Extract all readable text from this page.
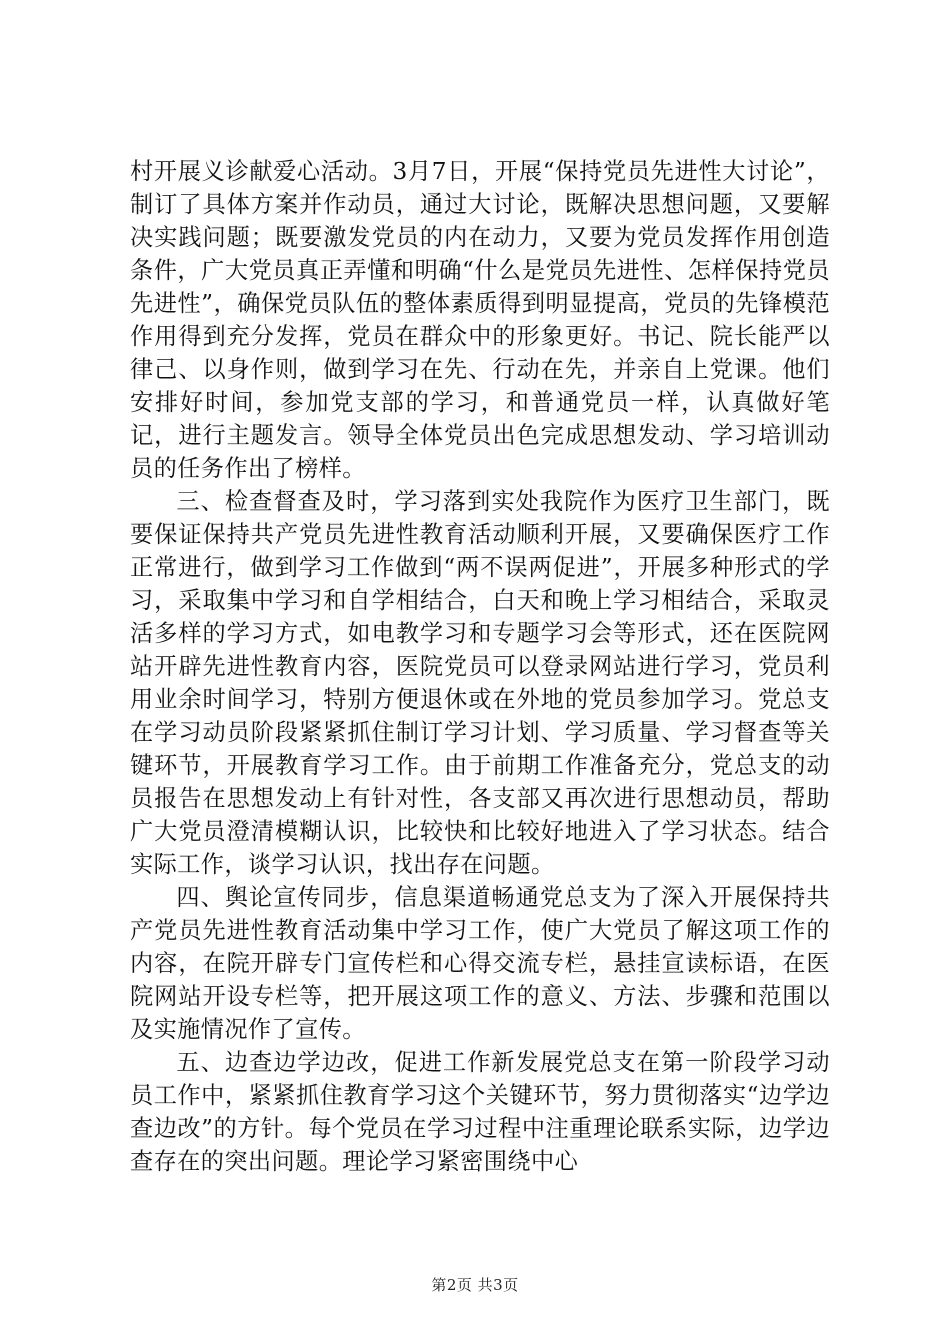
村开展义诊献爱心活动。3月7日，开展“保持党员先进性大讨论”，制订了具体方案并作动员，通过大讨论，既解决思想问题，又要解决实践问题；既要激发党员的内在动力，又要为党员发挥作用创造条件，广大党员真正弄懂和明确“什么是党员先进性、怎样保持党员先进性”，确保党员队伍的整体素质得到明显提高，党员的先锋模范作用得到充分发挥，党员在群众中的形象更好。书记、院长能严以律己、以身作则，做到学习在先、行动在先，并亲自上党课。他们安排好时间，参加党支部的学习，和普通党员一样，认真做好笔记，进行主题发言。领导全体党员出色完成思想发动、学习培训动员的任务作出了榜样。

三、检查督查及时，学习落到实处我院作为医疗卫生部门，既要保证保持共产党员先进性教育活动顺利开展，又要确保医疗工作正常进行，做到学习工作做到“两不误两促进”，开展多种形式的学习，采取集中学习和自学相结合，白天和晚上学习相结合，采取灵活多样的学习方式，如电教学习和专题学习会等形式，还在医院网站开辟先进性教育内容，医院党员可以登录网站进行学习，党员利用业余时间学习，特别方便退休或在外地的党员参加学习。党总支在学习动员阶段紧紧抓住制订学习计划、学习质量、学习督查等关键环节，开展教育学习工作。由于前期工作准备充分，党总支的动员报告在思想发动上有针对性，各支部又再次进行思想动员，帮助广大党员澄清模糊认识，比较快和比较好地进入了学习状态。结合实际工作，谈学习认识，找出存在问题。

四、舆论宣传同步，信息渠道畅通党总支为了深入开展保持共产党员先进性教育活动集中学习工作，使广大党员了解这项工作的内容，在院开辟专门宣传栏和心得交流专栏，悬挂宣读标语，在医院网站开设专栏等，把开展这项工作的意义、方法、步骤和范围以及实施情况作了宣传。

五、边查边学边改，促进工作新发展党总支在第一阶段学习动员工作中，紧紧抓住教育学习这个关键环节，努力贯彻落实“边学边查边改”的方针。每个党员在学习过程中注重理论联系实际，边学边查存在的突出问题。理论学习紧密围绕中心

第2页 共3页
